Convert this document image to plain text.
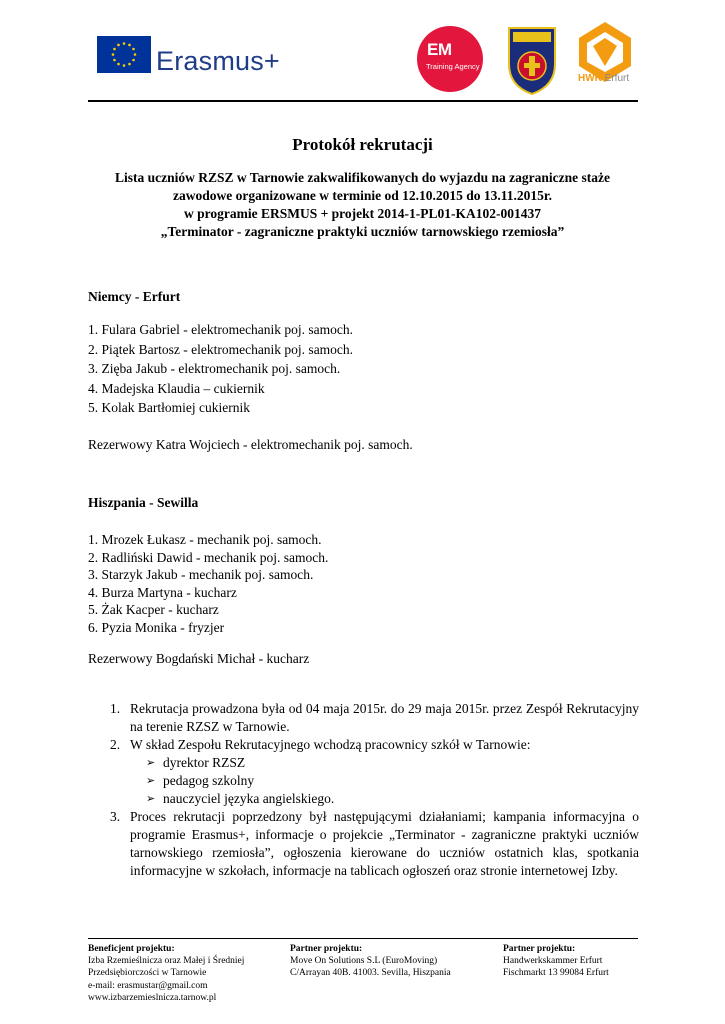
Erasmus+	EM
Training Agency
HWK Erfurt
Protokół rekrutacji
Lista uczniów RZSZ w Tarnowie zakwalifikowanych do wyjazdu na zagraniczne staże
zawodowe organizowane w terminie od 12.10.2015 do 13.11.2015r.
w programie ERSMUS + projekt 2014-1-PL01-KA102-001437
„Terminator - zagraniczne praktyki uczniów tarnowskiego rzemiosła”
Niemcy - Erfurt
1. Fulara Gabriel - elektromechanik poj. samoch.
2. Piątek Bartosz - elektromechanik poj. samoch.
3. Zięba Jakub - elektromechanik poj. samoch.
4. Madejska Klaudia – cukiernik
5. Kolak Bartłomiej cukiernik
Rezerwowy Katra Wojciech - elektromechanik poj. samoch.
Hiszpania - Sewilla
1. Mrozek Łukasz - mechanik poj. samoch.
2. Radliński Dawid - mechanik poj. samoch.
3. Starzyk Jakub - mechanik poj. samoch.
4. Burza Martyna - kucharz
5. Żak Kacper - kucharz
6. Pyzia Monika - fryzjer
Rezerwowy Bogdański Michał - kucharz
1. Rekrutacja prowadzona była od 04 maja 2015r. do 29 maja 2015r. przez Zespół Rekrutacyjny na terenie RZSZ w Tarnowie.
2. W skład Zespołu Rekrutacyjnego wchodzą pracownicy szkół w Tarnowie:
➢ dyrektor RZSZ
➢ pedagog szkolny
➢ nauczyciel języka angielskiego.
3. Proces rekrutacji poprzedzony był następującymi działaniami; kampania informacyjna o programie Erasmus+, informacje o projekcie „Terminator - zagraniczne praktyki uczniów tarnowskiego rzemiosła”, ogłoszenia kierowane do uczniów ostatnich klas, spotkania informacyjne w szkołach, informacje na tablicach ogłoszeń oraz stronie internetowej Izby.
Beneficjent projektu:
Izba Rzemieślnicza oraz Małej i Średniej
Przedsiębiorczości w Tarnowie
e-mail: erasmustar@gmail.com
www.izbarzemieslnicza.tarnow.pl
Partner projektu:
Move On Solutions S.L (EuroMoving)
C/Arrayan 40B. 41003. Sevilla, Hiszpania
Partner projektu:
Handwerkskammer Erfurt
Fischmarkt 13 99084 Erfurt
